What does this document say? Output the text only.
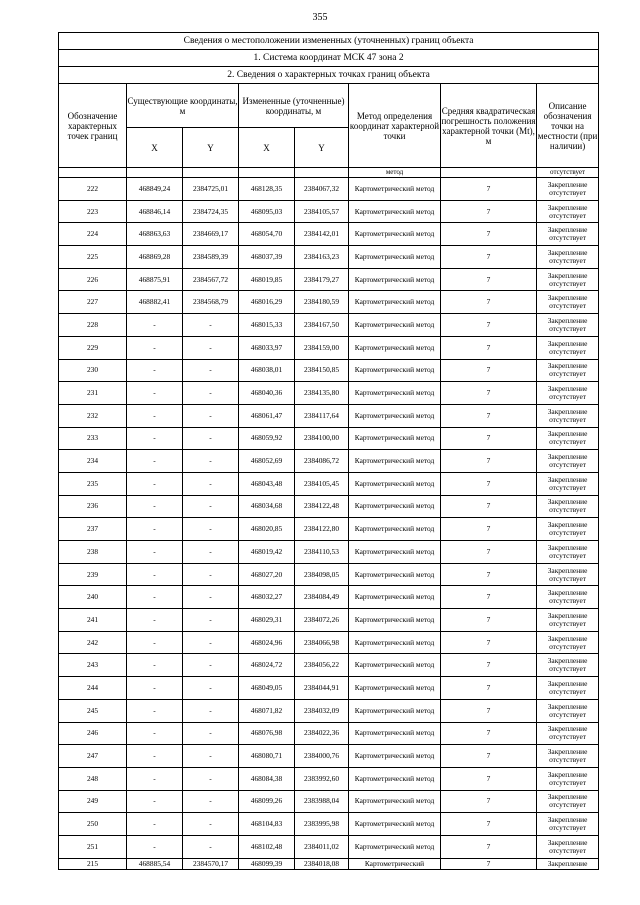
355
Сведения о местоположении измененных (уточненных) границ объекта							
1. Система координат МСК 47 зона 2							
2. Сведения о характерных точках границ объекта							
Обозначение характерных точек границ	Существующие координаты, м		Измененные (уточненные) координаты, м		Метод определения координат характерной точки	Средняя квадратическая погрешность положения характерной точки (Mt), м	Описание обозначения точки на местности (при наличии)
	X	Y	X	Y			
					метод		отсутствует
222	468849,24	2384725,01	468128,35	2384067,32	Картометрический метод	7	Закрепление отсутствует
223	468846,14	2384724,35	468095,03	2384105,57	Картометрический метод	7	Закрепление отсутствует
224	468863,63	2384669,17	468054,70	2384142,01	Картометрический метод	7	Закрепление отсутствует
225	468869,28	2384589,39	468037,39	2384163,23	Картометрический метод	7	Закрепление отсутствует
226	468875,91	2384567,72	468019,85	2384179,27	Картометрический метод	7	Закрепление отсутствует
227	468882,41	2384568,79	468016,29	2384180,59	Картометрический метод	7	Закрепление отсутствует
228	-	-	468015,33	2384167,50	Картометрический метод	7	Закрепление отсутствует
229	-	-	468033,97	2384159,00	Картометрический метод	7	Закрепление отсутствует
230	-	-	468038,01	2384150,85	Картометрический метод	7	Закрепление отсутствует
231	-	-	468040,36	2384135,80	Картометрический метод	7	Закрепление отсутствует
232	-	-	468061,47	2384117,64	Картометрический метод	7	Закрепление отсутствует
233	-	-	468059,92	2384100,00	Картометрический метод	7	Закрепление отсутствует
234	-	-	468052,69	2384086,72	Картометрический метод	7	Закрепление отсутствует
235	-	-	468043,48	2384105,45	Картометрический метод	7	Закрепление отсутствует
236	-	-	468034,68	2384122,48	Картометрический метод	7	Закрепление отсутствует
237	-	-	468020,85	2384122,80	Картометрический метод	7	Закрепление отсутствует
238	-	-	468019,42	2384110,53	Картометрический метод	7	Закрепление отсутствует
239	-	-	468027,20	2384098,05	Картометрический метод	7	Закрепление отсутствует
240	-	-	468032,27	2384084,49	Картометрический метод	7	Закрепление отсутствует
241	-	-	468029,31	2384072,26	Картометрический метод	7	Закрепление отсутствует
242	-	-	468024,96	2384066,98	Картометрический метод	7	Закрепление отсутствует
243	-	-	468024,72	2384056,22	Картометрический метод	7	Закрепление отсутствует
244	-	-	468049,05	2384044,91	Картометрический метод	7	Закрепление отсутствует
245	-	-	468071,82	2384032,09	Картометрический метод	7	Закрепление отсутствует
246	-	-	468076,98	2384022,36	Картометрический метод	7	Закрепление отсутствует
247	-	-	468080,71	2384000,76	Картометрический метод	7	Закрепление отсутствует
248	-	-	468084,38	2383992,60	Картометрический метод	7	Закрепление отсутствует
249	-	-	468099,26	2383988,04	Картометрический метод	7	Закрепление отсутствует
250	-	-	468104,83	2383995,98	Картометрический метод	7	Закрепление отсутствует
251	-	-	468102,48	2384011,02	Картометрический метод	7	Закрепление отсутствует
215	468885,54	2384570,17	468099,39	2384018,08	Картометрический	7	Закрепление
